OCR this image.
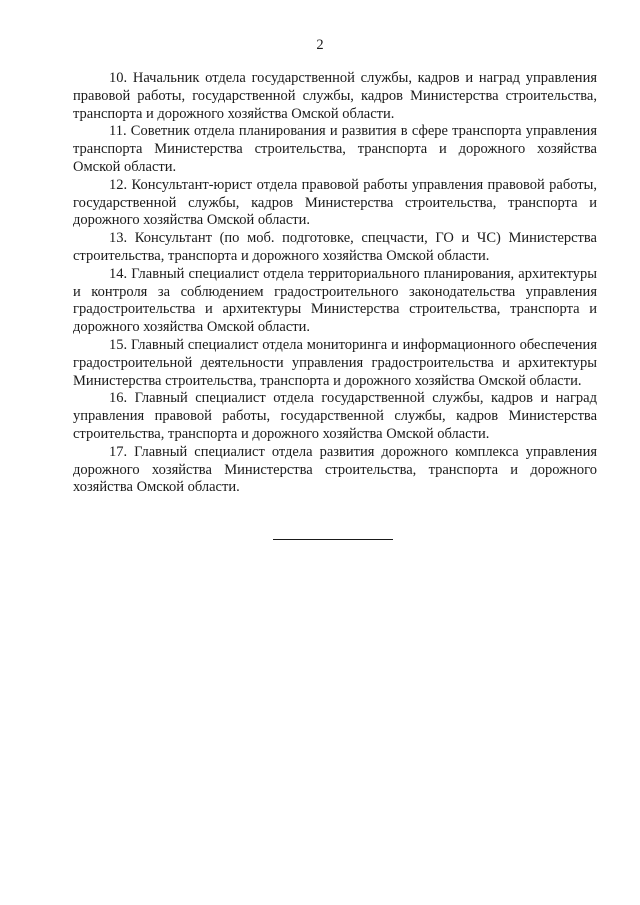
2

10. Начальник отдела государственной службы, кадров и наград управления правовой работы, государственной службы, кадров Министерства строительства, транспорта и дорожного хозяйства Омской области.

11. Советник отдела планирования и развития в сфере транспорта управления транспорта Министерства строительства, транспорта и дорожного хозяйства Омской области.

12. Консультант-юрист отдела правовой работы управления правовой работы, государственной службы, кадров Министерства строительства, транспорта и дорожного хозяйства Омской области.

13. Консультант (по моб. подготовке, спецчасти, ГО и ЧС) Министерства строительства, транспорта и дорожного хозяйства Омской области.

14. Главный специалист отдела территориального планирования, архитектуры и контроля за соблюдением градостроительного законодательства управления градостроительства и архитектуры Министерства строительства, транспорта и дорожного хозяйства Омской области.

15. Главный специалист отдела мониторинга и информационного обеспечения градостроительной деятельности управления градостроительства и архитектуры Министерства строительства, транспорта и дорожного хозяйства Омской области.

16. Главный специалист отдела государственной службы, кадров и наград управления правовой работы, государственной службы, кадров Министерства строительства, транспорта и дорожного хозяйства Омской области.

17. Главный специалист отдела развития дорожного комплекса управления дорожного хозяйства Министерства строительства, транспорта и дорожного хозяйства Омской области.
